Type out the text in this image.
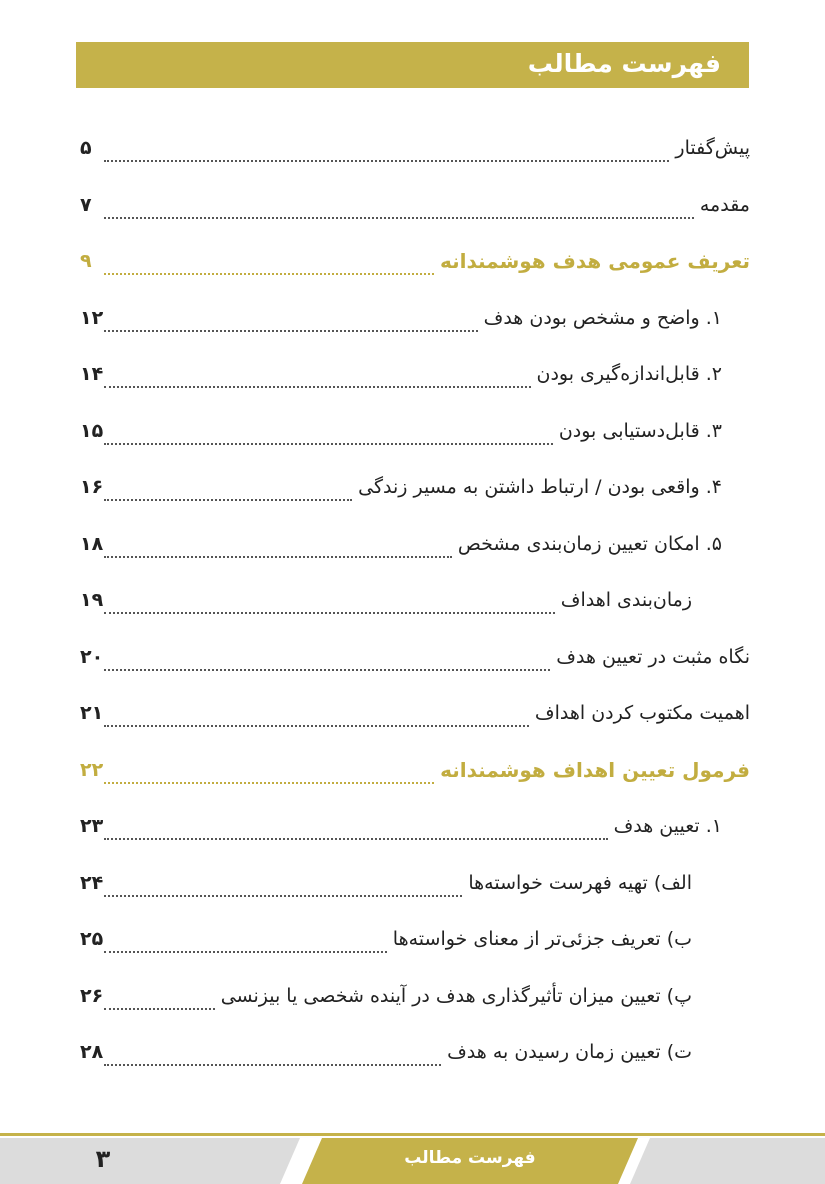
فهرست مطالب
۵	پیش‌گفتار
۷	مقدمه
۹	تعریف عمومی هدف هوشمندانه
۱۲	۱. واضح و مشخص بودن هدف
۱۴	۲. قابل‌اندازه‌گیری بودن
۱۵	۳. قابل‌دستیابی بودن
۱۶	۴. واقعی بودن / ارتباط داشتن به مسیر زندگی
۱۸	۵. امکان تعیین زمان‌بندی مشخص
۱۹	زمان‌بندی اهداف
۲۰	نگاه مثبت در تعیین هدف
۲۱	اهمیت مکتوب کردن اهداف
۲۲	فرمول تعیین اهداف هوشمندانه
۲۳	۱. تعیین هدف
۲۴	الف) تهیه فهرست خواسته‌ها
۲۵	ب) تعریف جزئی‌تر از معنای خواسته‌ها
۲۶	پ) تعیین میزان تأثیرگذاری هدف در آینده شخصی یا بیزنسی
۲۸	ت) تعیین زمان رسیدن به هدف
۳	فهرست‌ مطالب
